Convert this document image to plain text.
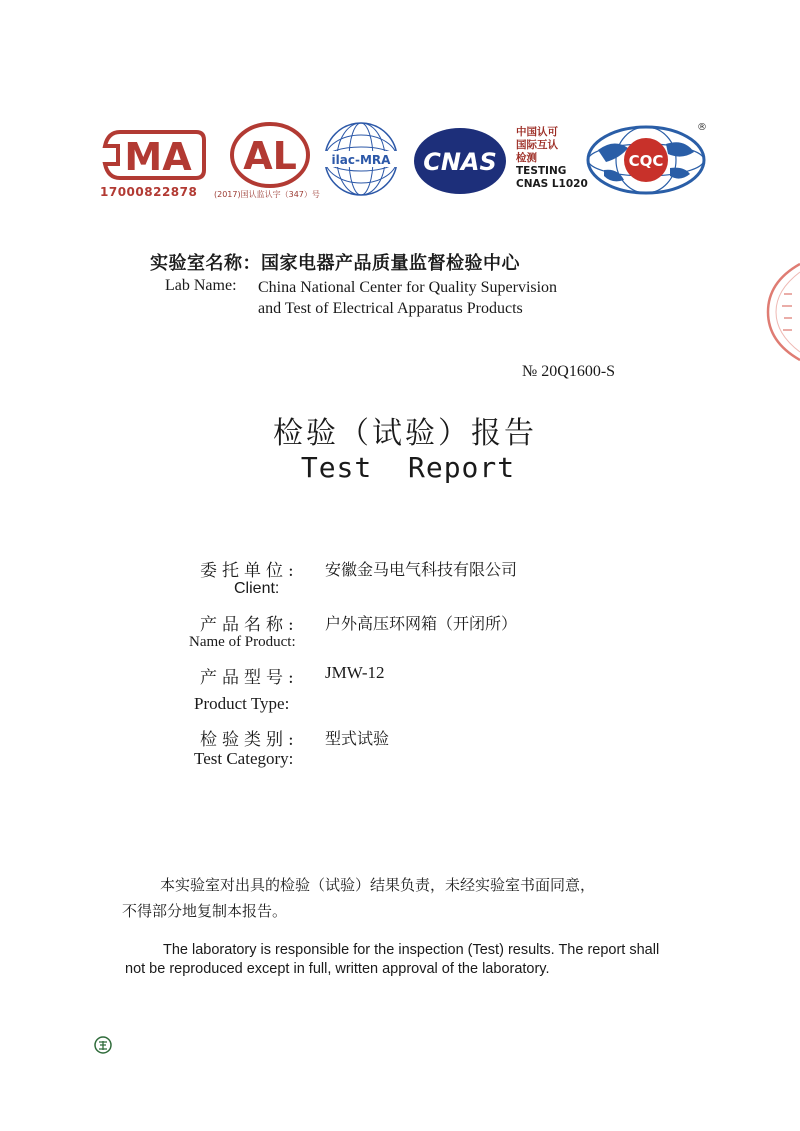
MA
17000822878
AL
(2017)国认监认字（347）号
ilac-MRA CNAS
中国认可
国际互认
检测
TESTING
CNAS L1020
CQC
®
实验室名称：国家电器产品质量监督检验中心
Lab Name: China National Center for Quality Supervision
and Test of Electrical Apparatus Products
№ 20Q1600-S
检验（试验）报告
Test  Report
委托单位: 安徽金马电气科技有限公司
Client:
产品名称: 户外高压环网箱（开闭所）
Name of Product:
产品型号: JMW-12
Product Type:
检验类别: 型式试验
Test Category:
本实验室对出具的检验（试验）结果负责，未经实验室书面同意，
不得部分地复制本报告。
The laboratory is responsible for the inspection (Test) results. The report shall
not be reproduced except in full, written approval of the laboratory.
